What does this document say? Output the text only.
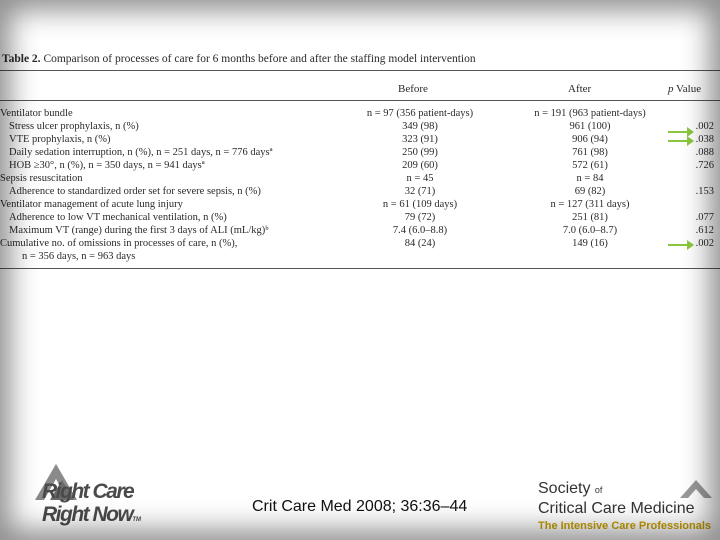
Table 2. Comparison of processes of care for 6 months before and after the staffing model intervention
Before	After	p Value
Ventilator bundle	n = 97 (356 patient-days)	n = 191 (963 patient-days)
Stress ulcer prophylaxis, n (%)	349 (98)	961 (100)	.002
VTE prophylaxis, n (%)	323 (91)	906 (94)	.038
Daily sedation interruption, n (%), n = 251 days, n = 776 daysª	250 (99)	761 (98)	.088
HOB ≥30°, n (%), n = 350 days, n = 941 daysª	209 (60)	572 (61)	.726
Sepsis resuscitation	n = 45	n = 84
Adherence to standardized order set for severe sepsis, n (%)	32 (71)	69 (82)	.153
Ventilator management of acute lung injury	n = 61 (109 days)	n = 127 (311 days)
Adherence to low VT mechanical ventilation, n (%)	79 (72)	251 (81)	.077
Maximum VT (range) during the first 3 days of ALI (mL/kg)ᵇ	7.4 (6.0–8.8)	7.0 (6.0–8.7)	.612
Cumulative no. of omissions in processes of care, n (%),	84 (24)	149 (16)	.002
n = 356 days, n = 963 days
Right Care
Right NowTM
Crit Care Med 2008; 36:36–44
Society of
Critical Care Medicine
The Intensive Care Professionals
